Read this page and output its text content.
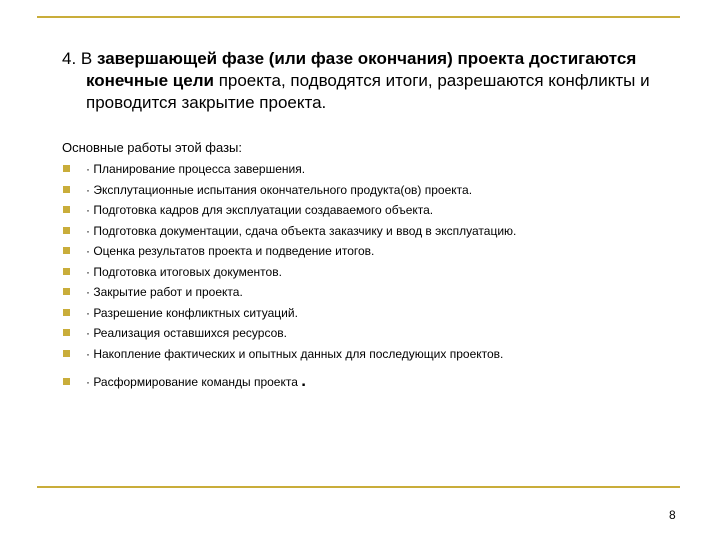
4. В завершающей фазе (или фазе окончания) проекта достигаются конечные цели проекта, подводятся итоги, разрешаются конфликты и проводится закрытие проекта.

Основные работы этой фазы:

· Планирование процесса завершения.
· Эксплутационные испытания окончательного продукта(ов) проекта.
· Подготовка кадров для эксплуатации создаваемого объекта.
· Подготовка документации, сдача объекта заказчику и ввод в эксплуатацию.
· Оценка результатов проекта и подведение итогов.
· Подготовка итоговых документов.
· Закрытие работ и проекта.
· Разрешение конфликтных ситуаций.
· Реализация оставшихся ресурсов.
· Накопление фактических и опытных данных для последующих проектов.
· Расформирование команды проекта .
8
